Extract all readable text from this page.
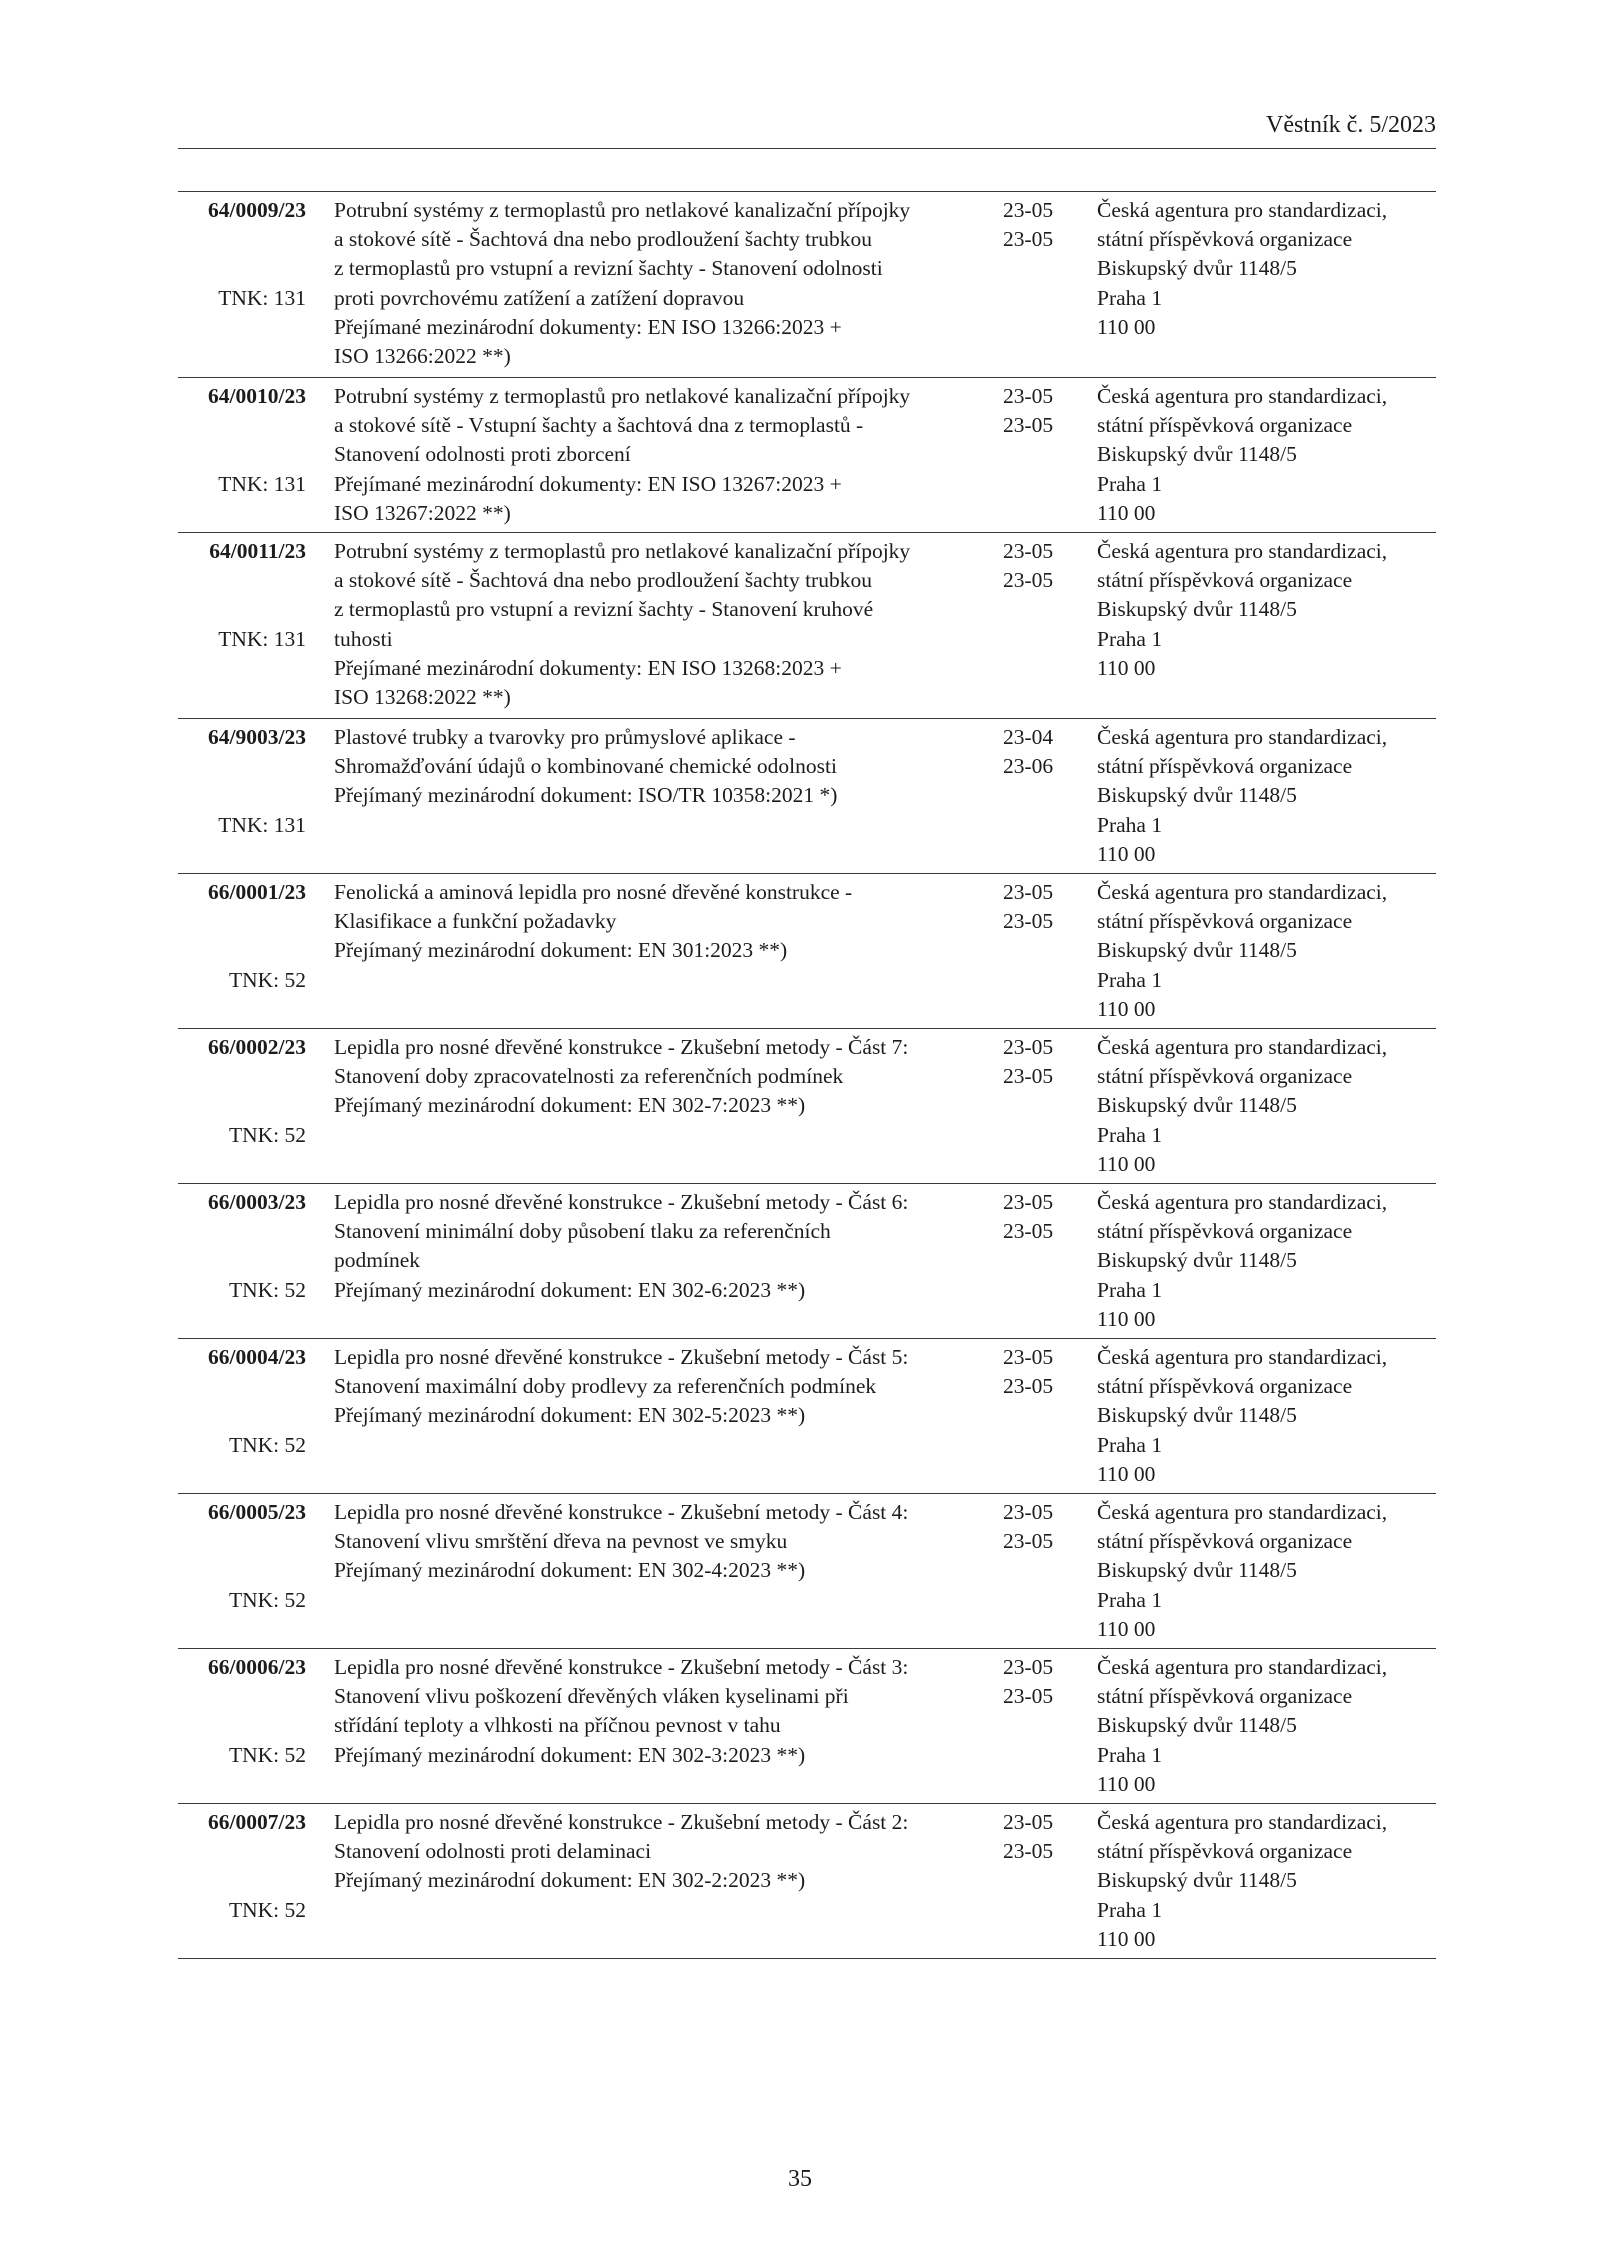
Věstník č. 5/2023
64/0009/23
TNK: 131
Potrubní systémy z termoplastů pro netlakové kanalizační přípojky
a stokové sítě - Šachtová dna nebo prodloužení šachty trubkou
z termoplastů pro vstupní a revizní šachty - Stanovení odolnosti
proti povrchovému zatížení a zatížení dopravou
Přejímané mezinárodní dokumenty: EN ISO 13266:2023 +
ISO 13266:2022 **)
23-05
23-05
Česká agentura pro standardizaci,
státní příspěvková organizace
Biskupský dvůr 1148/5
Praha 1
110 00
64/0010/23
TNK: 131
Potrubní systémy z termoplastů pro netlakové kanalizační přípojky
a stokové sítě - Vstupní šachty a šachtová dna z termoplastů -
Stanovení odolnosti proti zborcení
Přejímané mezinárodní dokumenty: EN ISO 13267:2023 +
ISO 13267:2022 **)
23-05
23-05
Česká agentura pro standardizaci,
státní příspěvková organizace
Biskupský dvůr 1148/5
Praha 1
110 00
64/0011/23
TNK: 131
Potrubní systémy z termoplastů pro netlakové kanalizační přípojky
a stokové sítě - Šachtová dna nebo prodloužení šachty trubkou
z termoplastů pro vstupní a revizní šachty - Stanovení kruhové
tuhosti
Přejímané mezinárodní dokumenty: EN ISO 13268:2023 +
ISO 13268:2022 **)
23-05
23-05
Česká agentura pro standardizaci,
státní příspěvková organizace
Biskupský dvůr 1148/5
Praha 1
110 00
64/9003/23
TNK: 131
Plastové trubky a tvarovky pro průmyslové aplikace -
Shromažďování údajů o kombinované chemické odolnosti
Přejímaný mezinárodní dokument: ISO/TR 10358:2021 *)
23-04
23-06
Česká agentura pro standardizaci,
státní příspěvková organizace
Biskupský dvůr 1148/5
Praha 1
110 00
66/0001/23
TNK: 52
Fenolická a aminová lepidla pro nosné dřevěné konstrukce -
Klasifikace a funkční požadavky
Přejímaný mezinárodní dokument: EN 301:2023 **)
23-05
23-05
Česká agentura pro standardizaci,
státní příspěvková organizace
Biskupský dvůr 1148/5
Praha 1
110 00
66/0002/23
TNK: 52
Lepidla pro nosné dřevěné konstrukce - Zkušební metody - Část 7:
Stanovení doby zpracovatelnosti za referenčních podmínek
Přejímaný mezinárodní dokument: EN 302-7:2023 **)
23-05
23-05
Česká agentura pro standardizaci,
státní příspěvková organizace
Biskupský dvůr 1148/5
Praha 1
110 00
66/0003/23
TNK: 52
Lepidla pro nosné dřevěné konstrukce - Zkušební metody - Část 6:
Stanovení minimální doby působení tlaku za referenčních
podmínek
Přejímaný mezinárodní dokument: EN 302-6:2023 **)
23-05
23-05
Česká agentura pro standardizaci,
státní příspěvková organizace
Biskupský dvůr 1148/5
Praha 1
110 00
66/0004/23
TNK: 52
Lepidla pro nosné dřevěné konstrukce - Zkušební metody - Část 5:
Stanovení maximální doby prodlevy za referenčních podmínek
Přejímaný mezinárodní dokument: EN 302-5:2023 **)
23-05
23-05
Česká agentura pro standardizaci,
státní příspěvková organizace
Biskupský dvůr 1148/5
Praha 1
110 00
66/0005/23
TNK: 52
Lepidla pro nosné dřevěné konstrukce - Zkušební metody - Část 4:
Stanovení vlivu smrštění dřeva na pevnost ve smyku
Přejímaný mezinárodní dokument: EN 302-4:2023 **)
23-05
23-05
Česká agentura pro standardizaci,
státní příspěvková organizace
Biskupský dvůr 1148/5
Praha 1
110 00
66/0006/23
TNK: 52
Lepidla pro nosné dřevěné konstrukce - Zkušební metody - Část 3:
Stanovení vlivu poškození dřevěných vláken kyselinami při
střídání teploty a vlhkosti na příčnou pevnost v tahu
Přejímaný mezinárodní dokument: EN 302-3:2023 **)
23-05
23-05
Česká agentura pro standardizaci,
státní příspěvková organizace
Biskupský dvůr 1148/5
Praha 1
110 00
66/0007/23
TNK: 52
Lepidla pro nosné dřevěné konstrukce - Zkušební metody - Část 2:
Stanovení odolnosti proti delaminaci
Přejímaný mezinárodní dokument: EN 302-2:2023 **)
23-05
23-05
Česká agentura pro standardizaci,
státní příspěvková organizace
Biskupský dvůr 1148/5
Praha 1
110 00
35
